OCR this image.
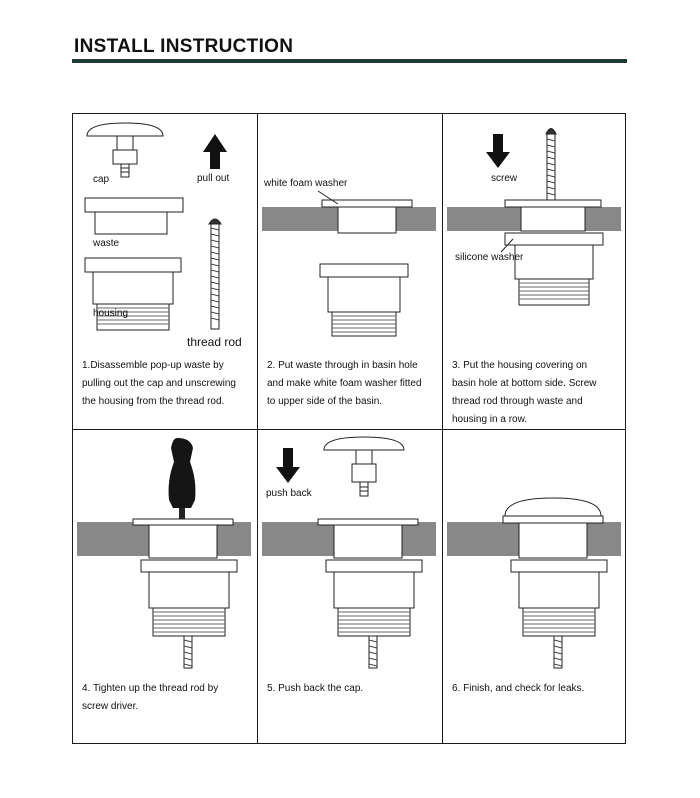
INSTALL INSTRUCTION
cap	pull out
waste
housing
thread rod
1.Disassemble pop-up waste by
pulling out the cap and unscrewing
the housing from the thread rod.
white foam washer
2. Put waste through in basin hole
and make white foam washer fitted
to upper side of the basin.
screw
silicone washer
3. Put the housing covering on
basin hole at bottom side. Screw
thread rod through waste and
housing in a row.
4. Tighten up the thread rod by
screw driver.
push back
5. Push back the cap.	6. Finish, and check for leaks.
